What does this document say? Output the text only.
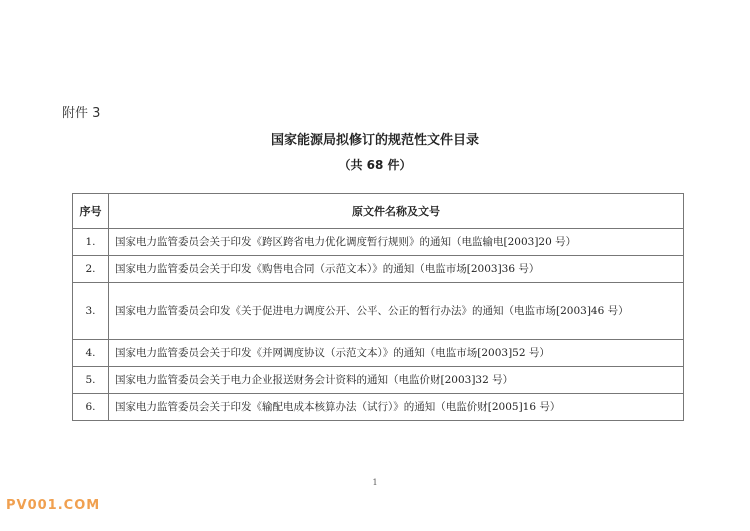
附件 3
国家能源局拟修订的规范性文件目录
（共 68 件）
序号	原文件名称及文号
1.	国家电力监管委员会关于印发《跨区跨省电力优化调度暂行规则》的通知（电监输电[2003]20 号）
2.	国家电力监管委员会关于印发《购售电合同（示范文本）》的通知（电监市场[2003]36 号）
3.	国家电力监管委员会印发《关于促进电力调度公开、公平、公正的暂行办法》的通知（电监市场[2003]46 号）
4.	国家电力监管委员会关于印发《并网调度协议（示范文本）》的通知（电监市场[2003]52 号）
5.	国家电力监管委员会关于电力企业报送财务会计资料的通知（电监价财[2003]32 号）
6.	国家电力监管委员会关于印发《输配电成本核算办法（试行）》的通知（电监价财[2005]16 号）
1
PV001.COM
